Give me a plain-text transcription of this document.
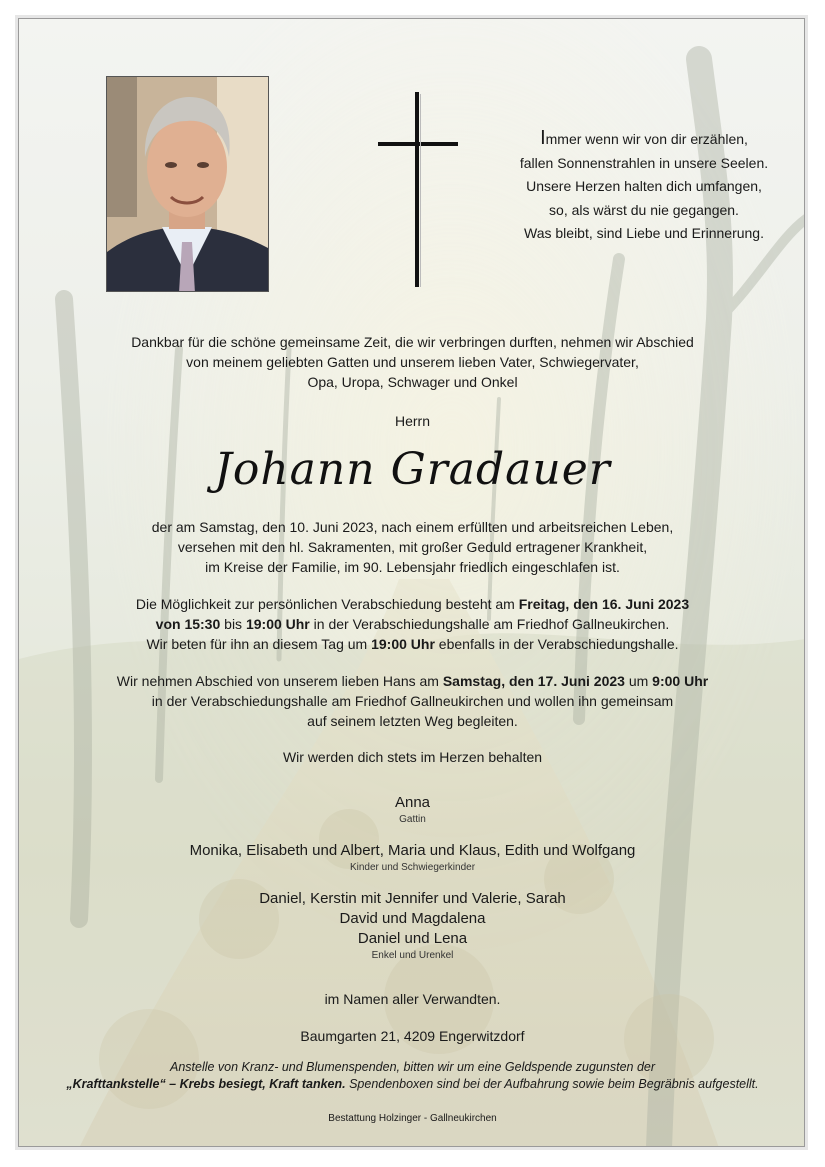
Immer wenn wir von dir erzählen,
fallen Sonnenstrahlen in unsere Seelen.
Unsere Herzen halten dich umfangen,
so, als wärst du nie gegangen.
Was bleibt, sind Liebe und Erinnerung.
Dankbar für die schöne gemeinsame Zeit, die wir verbringen durften, nehmen wir Abschied
von meinem geliebten Gatten und unserem lieben Vater, Schwiegervater,
Opa, Uropa, Schwager und Onkel
Herrn
Johann Gradauer
der am Samstag, den 10. Juni 2023, nach einem erfüllten und arbeitsreichen Leben,
versehen mit den hl. Sakramenten, mit großer Geduld ertragener Krankheit,
im Kreise der Familie, im 90. Lebensjahr friedlich eingeschlafen ist.
Die Möglichkeit zur persönlichen Verabschiedung besteht am Freitag, den 16. Juni 2023
von 15:30 bis 19:00 Uhr in der Verabschiedungshalle am Friedhof Gallneukirchen.
Wir beten für ihn an diesem Tag um 19:00 Uhr ebenfalls in der Verabschiedungshalle.
Wir nehmen Abschied von unserem lieben Hans am Samstag, den 17. Juni 2023 um 9:00 Uhr
in der Verabschiedungshalle am Friedhof Gallneukirchen und wollen ihn gemeinsam
auf seinem letzten Weg begleiten.
Wir werden dich stets im Herzen behalten
Anna
Gattin
Monika, Elisabeth und Albert, Maria und Klaus, Edith und Wolfgang
Kinder und Schwiegerkinder
Daniel, Kerstin mit Jennifer und Valerie, Sarah
David und Magdalena
Daniel und Lena
Enkel und Urenkel
im Namen aller Verwandten.
Baumgarten 21, 4209 Engerwitzdorf
Anstelle von Kranz- und Blumenspenden, bitten wir um eine Geldspende zugunsten der
„Krafttankstelle“ – Krebs besiegt, Kraft tanken. Spendenboxen sind bei der Aufbahrung sowie beim Begräbnis aufgestellt.
Bestattung Holzinger - Gallneukirchen
